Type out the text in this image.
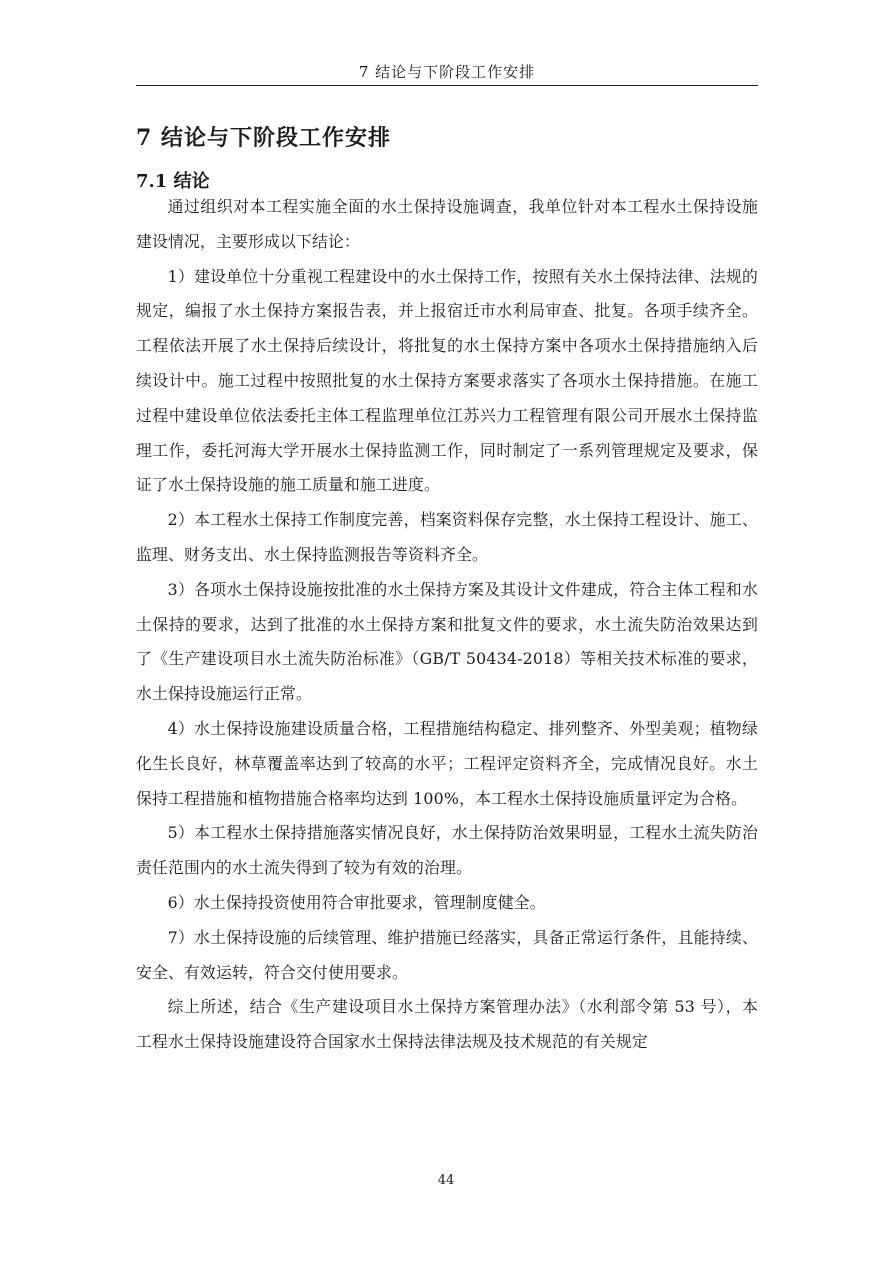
7 结论与下阶段工作安排
7 结论与下阶段工作安排
7.1 结论

通过组织对本工程实施全面的水土保持设施调查，我单位针对本工程水土保持设施建设情况，主要形成以下结论：

1）建设单位十分重视工程建设中的水土保持工作，按照有关水土保持法律、法规的规定，编报了水土保持方案报告表，并上报宿迁市水利局审查、批复。各项手续齐全。工程依法开展了水土保持后续设计，将批复的水土保持方案中各项水土保持措施纳入后续设计中。施工过程中按照批复的水土保持方案要求落实了各项水土保持措施。在施工过程中建设单位依法委托主体工程监理单位江苏兴力工程管理有限公司开展水土保持监理工作，委托河海大学开展水土保持监测工作，同时制定了一系列管理规定及要求，保证了水土保持设施的施工质量和施工进度。

2）本工程水土保持工作制度完善，档案资料保存完整，水土保持工程设计、施工、监理、财务支出、水土保持监测报告等资料齐全。

3）各项水土保持设施按批准的水土保持方案及其设计文件建成，符合主体工程和水土保持的要求，达到了批准的水土保持方案和批复文件的要求，水土流失防治效果达到了《生产建设项目水土流失防治标准》（GB/T 50434-2018）等相关技术标准的要求，水土保持设施运行正常。

4）水土保持设施建设质量合格，工程措施结构稳定、排列整齐、外型美观；植物绿化生长良好，林草覆盖率达到了较高的水平；工程评定资料齐全，完成情况良好。水土保持工程措施和植物措施合格率均达到 100%，本工程水土保持设施质量评定为合格。

5）本工程水土保持措施落实情况良好，水土保持防治效果明显，工程水土流失防治责任范围内的水土流失得到了较为有效的治理。

6）水土保持投资使用符合审批要求，管理制度健全。

7）水土保持设施的后续管理、维护措施已经落实，具备正常运行条件，且能持续、安全、有效运转，符合交付使用要求。

综上所述，结合《生产建设项目水土保持方案管理办法》（水利部令第 53 号），本工程水土保持设施建设符合国家水土保持法律法规及技术规范的有关规定

44
